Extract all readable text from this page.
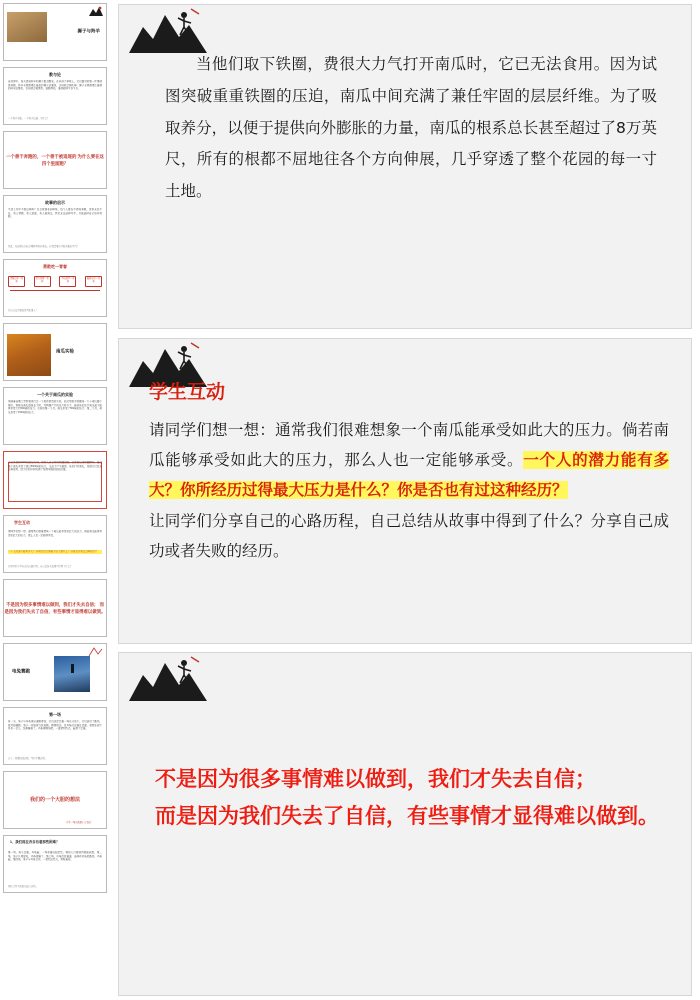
狮子与羚羊
教与论
自然界中，每天清晨羚羊和狮子都会醒来，在非洲大草原上，它们面对的第一件事就是奔跑。羚羊必须跑得比最快的狮子还要快，否则就会被吃掉；狮子必须跑得比最慢的羚羊还要快，否则就会被饿死。谁跑得快，谁就能够生存下去。
一个善于奔跑，一个善于追逐，为什么？
一个善于奔跑的，一个善于被追逐的 为什么要在这四个里面跑？
故事的启示
生活工作中不是这样吗？社会就像非洲草原，每个人都在不停地奔跑。竞争无处不在，有人领跑，有人追逐，有人被淘汰。我们无法选择对手，只能选择自己如何奔跑。
因此，无论现在的你是哪种身份和角色，你都需要有不断奔跑的勇气！
勇敢吃一青春
勇敢追梦一青春
努力拼搏一青春
不负韶华一青春
砥砺前行一青春
让自己变得更加优秀和强大！
南瓜实验
一个关于南瓜的实验
美国麻省理工学院曾进行过一个很有意思的实验，他们用很多铁圈将一个小南瓜整个箍住，观察当南瓜逐渐长大时，对铁圈产生的压力有多大。最初他们估计南瓜最大能够承受大约500磅的压力。实验的第一个月，南瓜承受了500磅的压力；第二个月，南瓜承受了1500磅的压力。
当它承受到2000磅的压力时，研究人员必须对铁圈加固，以免南瓜将铁圈撑开。最后整个南瓜承受了超过5000磅的压力，瓜皮才产生破裂。他们打开南瓜，发现它已经无法再食用，因为它的中间充满了坚韧牢固的层层纤维。
学生互动
请同学们想一想：通常我们很难想象一个南瓜能承受如此大的压力。倘若南瓜能够承受如此大的压力，那么人也一定能够承受。
一个人的潜力能有多大？你所经历过得最大压力是什么？你是否也有过这种经历？
让同学们分享自己的心路历程，自己总结从故事中得到了什么？
不是因为很多事情难以做到，我们才失去自信； 而是因为我们失去了自信，有些事情才显得难以做到。
电兔赛跑
第一场
有一天，兔子与乌龟争论谁跑得快。它们决定比赛一场以分高下。它们选好了路线，就开始赛跑。兔子一开始就飞快地跑，跑得很远，见乌龟远远落在后面，就想在树下休息一会儿，结果睡着了。乌龟慢慢地爬，一直爬到终点，赢得了比赛。
启示：骄傲轻敌必败，坚持不懈必胜。
我们的一个大胆的想法
分享一场的故事启示我们
1、我们现在各自有着那些困难？
第一场，兔子比赛，乌龟赢；一场竞赛自始至终，慢的人只要坚持就能获胜。第二场，兔子认真起来，乌龟就输了。第三场，乌龟改变赛道，选择有河流的路线，乌龟赢。第四场，兔子与乌龟合作，一起到达终点，用时最短。
团队合作才能创造最大价值。
当他们取下铁圈，费很大力气打开南瓜时，它已无法食用。因为试图突破重重铁圈的压迫，南瓜中间充满了兼任牢固的层层纤维。为了吸取养分，以便于提供向外膨胀的力量，南瓜的根系总长甚至超过了8万英尺，所有的根都不屈地往各个方向伸展，几乎穿透了整个花园的每一寸土地。
学生互动
请同学们想一想：通常我们很难想象一个南瓜能承受如此大的压力。倘若南瓜能够承受如此大的压力，那么人也一定能够承受。一个人的潜力能有多大？你所经历过得最大压力是什么？你是否也有过这种经历？
让同学们分享自己的心路历程，自己总结从故事中得到了什么？分享自己成功或者失败的经历。
不是因为很多事情难以做到，我们才失去自信；
而是因为我们失去了自信，有些事情才显得难以做到。
